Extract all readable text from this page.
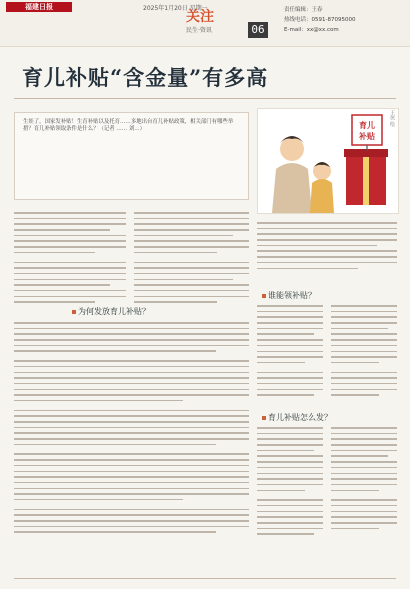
福建日报	2025年1月20日 星期一
关注
民生·资讯	06
责任编辑：王春
热线电话：0591-87095000
E-mail：xx@xx.com
育儿补贴“含金量”有多高
生娃了，国家发补贴！生育补贴以及托育……多地出台育儿补贴政策，相关部门有哪些举措？育儿补贴领取条件是什么？（记者 …… 刘…）	育儿
补贴
王侠 绘
为何发放育儿补贴？
谁能领补贴？
育儿补贴怎么发？
